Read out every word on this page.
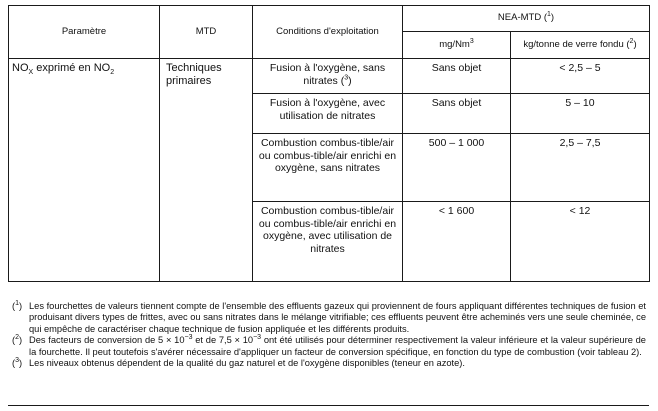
Paramètre	MTD	Conditions d'exploitation	NEA-MTD ($^1$)	
			mg/Nm$^3$	kg/tonne de verre fondu ($^2$)
$NO_X$ exprimé en $NO_2$	Techniques primaires	Fusion à l'oxygène, sans nitrates ($^3$)	Sans objet	< 2,5 – 5
		Fusion à l'oxygène, avec utilisation de nitrates	Sans objet	5 – 10
		Combustion combus-tible/air ou combus-tible/air enrichi en oxygène, sans nitrates	500 – 1 000	2,5 – 7,5
		Combustion combus-tible/air ou combus-tible/air enrichi en oxygène, avec utilisation de nitrates	< 1 600	< 12
($^1$) Les fourchettes de valeurs tiennent compte de l'ensemble des effluents gazeux qui proviennent de fours appliquant différentes techniques de fusion et produisant divers types de frittes, avec ou sans nitrates dans le mélange vitrifiable; ces effluents peuvent être acheminés vers une seule cheminée, ce qui empêche de caractériser chaque technique de fusion appliquée et les différents produits.
($^2$) Des facteurs de conversion de $5 \times 10^{-3}$ et de $7,5 \times 10^{-3}$ ont été utilisés pour déterminer respectivement la valeur inférieure et la valeur supérieure de la fourchette. Il peut toutefois s'avérer nécessaire d'appliquer un facteur de conversion spécifique, en fonction du type de combustion (voir tableau 2).
($^3$) Les niveaux obtenus dépendent de la qualité du gaz naturel et de l'oxygène disponibles (teneur en azote).
